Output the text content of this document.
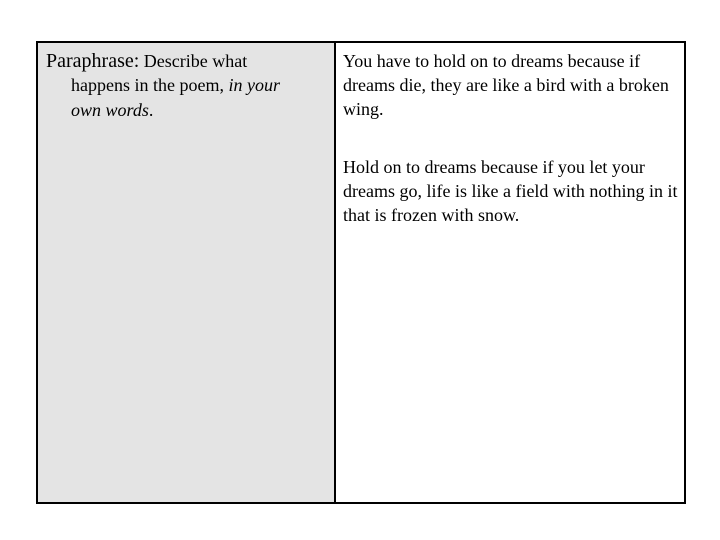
Paraphrase: Describe what
happens in the poem, in your
own words.

You have to hold on to dreams because if dreams die, they are like a bird with a broken wing.

Hold on to dreams because if you let your dreams go, life is like a field with nothing in it that is frozen with snow.
